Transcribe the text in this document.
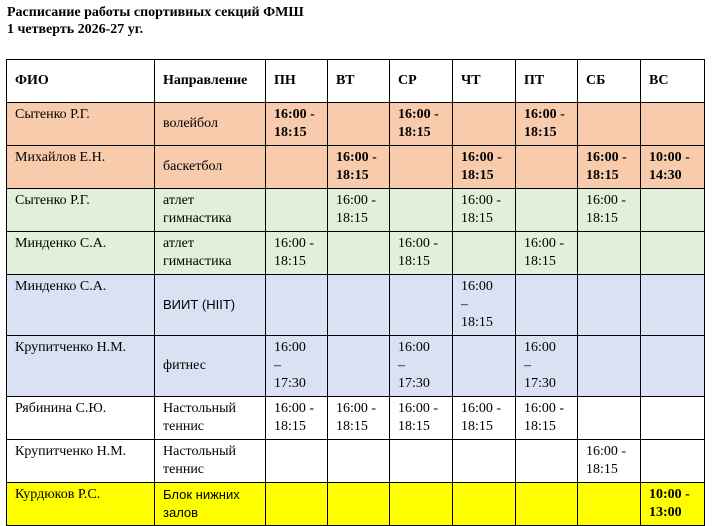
Расписание работы спортивных секций ФМШ
1 четверть 2026-27 уг.
ФИО	Направление	ПН	ВТ	СР	ЧТ	ПТ	СБ	ВС
Сытенко Р.Г.	волейбол	16:00 -
18:15		16:00 -
18:15		16:00 -
18:15		

Михайлов Е.Н.	баскетбол		16:00 -
18:15		16:00 -
18:15		16:00 -
18:15	10:00 -
14:30

Сытенко Р.Г.	атлет
гимнастика		16:00 -
18:15		16:00 -
18:15		16:00 -
18:15	

Минденко С.А.	атлет
гимнастика	16:00 -
18:15		16:00 -
18:15		16:00 -
18:15		

Минденко С.А.	ВИИТ (HIIT)				16:00
–
18:15			

Крупитченко Н.М.	фитнес	16:00
–
17:30		16:00
–
17:30		16:00
–
17:30		

Рябинина С.Ю.	Настольный
теннис	16:00 -
18:15	16:00 -
18:15	16:00 -
18:15	16:00 -
18:15	16:00 -
18:15		

Крупитченко Н.М.	Настольный
теннис						16:00 -
18:15	

Курдюков Р.С.	Блок нижних
залов							10:00 -
13:00
